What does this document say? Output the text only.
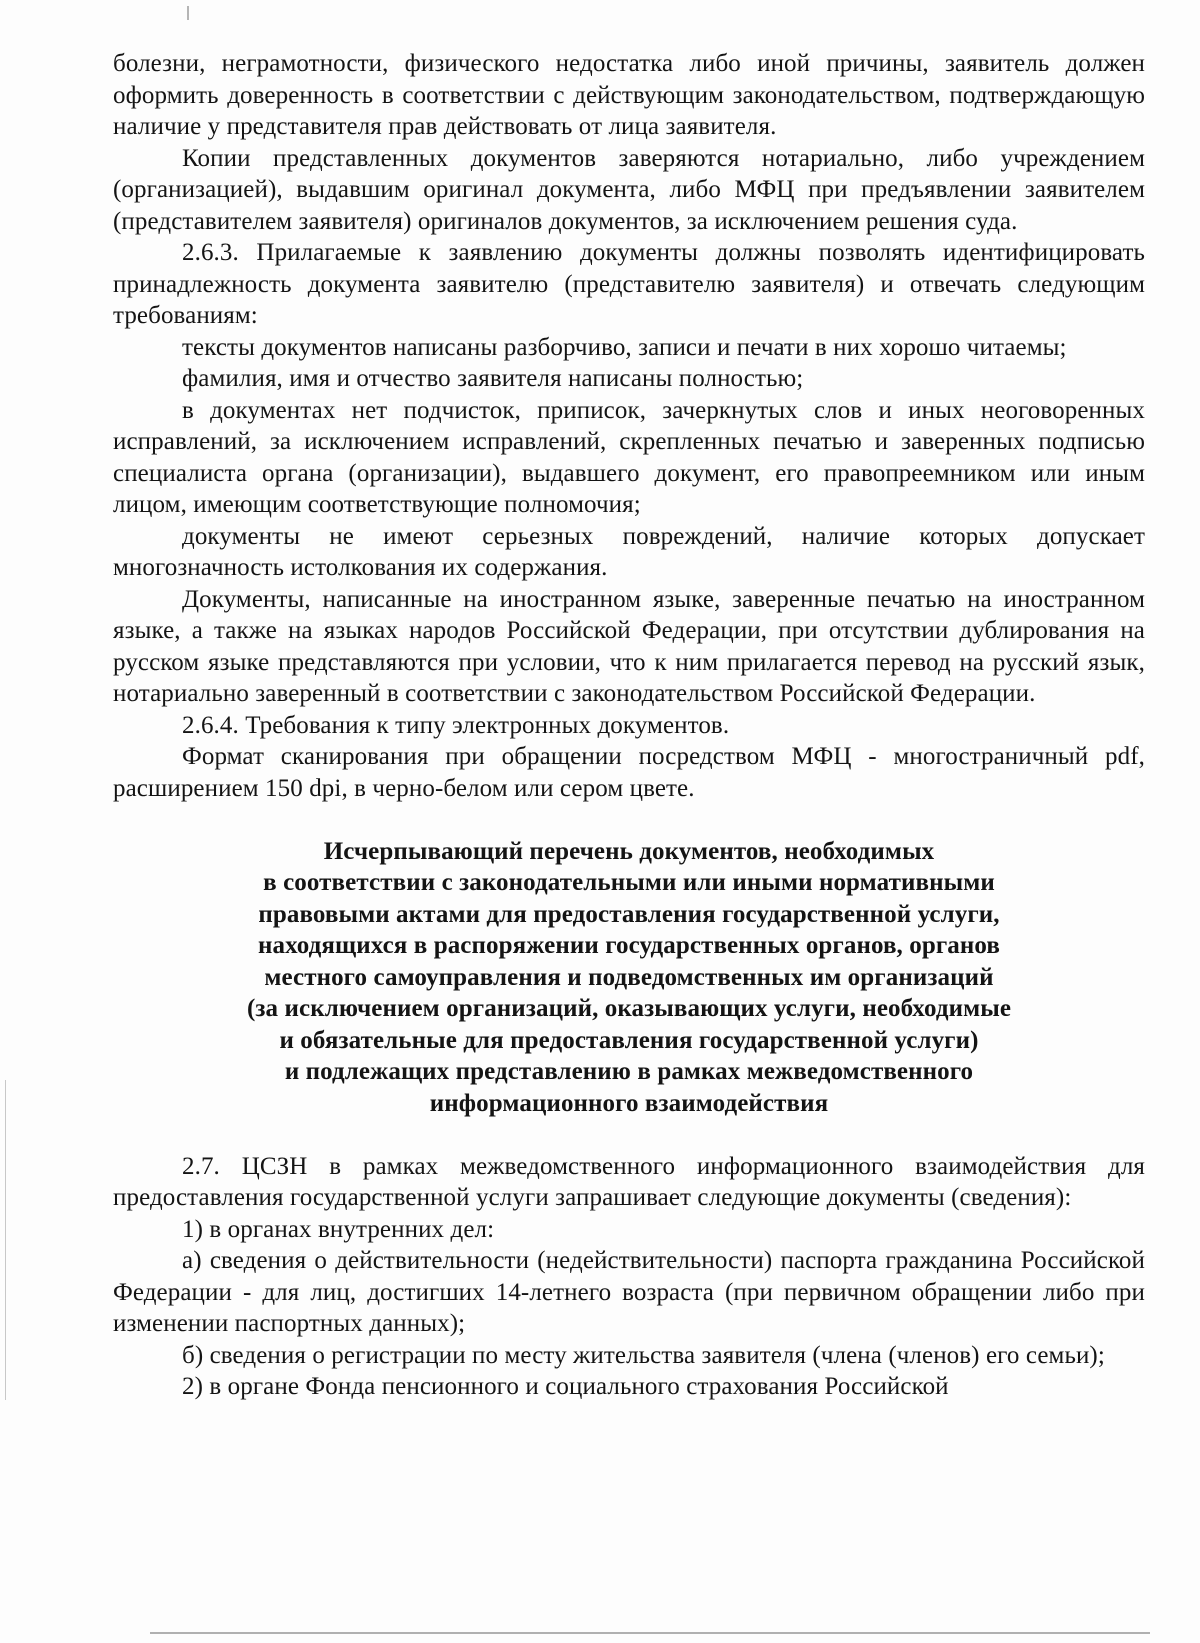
болезни, неграмотности, физического недостатка либо иной причины, заявитель должен оформить доверенность в соответствии с действующим законодательством, подтверждающую наличие у представителя прав действовать от лица заявителя.

Копии представленных документов заверяются нотариально, либо учреждением (организацией), выдавшим оригинал документа, либо МФЦ при предъявлении заявителем (представителем заявителя) оригиналов документов, за исключением решения суда.

2.6.3. Прилагаемые к заявлению документы должны позволять идентифицировать принадлежность документа заявителю (представителю заявителя) и отвечать следующим требованиям:

тексты документов написаны разборчиво, записи и печати в них хорошо читаемы;

фамилия, имя и отчество заявителя написаны полностью;

в документах нет подчисток, приписок, зачеркнутых слов и иных неоговоренных исправлений, за исключением исправлений, скрепленных печатью и заверенных подписью специалиста органа (организации), выдавшего документ, его правопреемником или иным лицом, имеющим соответствующие полномочия;

документы не имеют серьезных повреждений, наличие которых допускает многозначность истолкования их содержания.

Документы, написанные на иностранном языке, заверенные печатью на иностранном языке, а также на языках народов Российской Федерации, при отсутствии дублирования на русском языке представляются при условии, что к ним прилагается перевод на русский язык, нотариально заверенный в соответствии с законодательством Российской Федерации.

2.6.4. Требования к типу электронных документов.

Формат сканирования при обращении посредством МФЦ - многостраничный pdf, расширением 150 dpi, в черно-белом или сером цвете.

Исчерпывающий перечень документов, необходимых
в соответствии с законодательными или иными нормативными
правовыми актами для предоставления государственной услуги,
находящихся в распоряжении государственных органов, органов
местного самоуправления и подведомственных им организаций
(за исключением организаций, оказывающих услуги, необходимые
и обязательные для предоставления государственной услуги)
и подлежащих представлению в рамках межведомственного
информационного взаимодействия

2.7. ЦСЗН в рамках межведомственного информационного взаимодействия для предоставления государственной услуги запрашивает следующие документы (сведения):

1) в органах внутренних дел:

а) сведения о действительности (недействительности) паспорта гражданина Российской Федерации - для лиц, достигших 14-летнего возраста (при первичном обращении либо при изменении паспортных данных);

б) сведения о регистрации по месту жительства заявителя (члена (членов) его семьи);

2) в органе Фонда пенсионного и социального страхования Российской
